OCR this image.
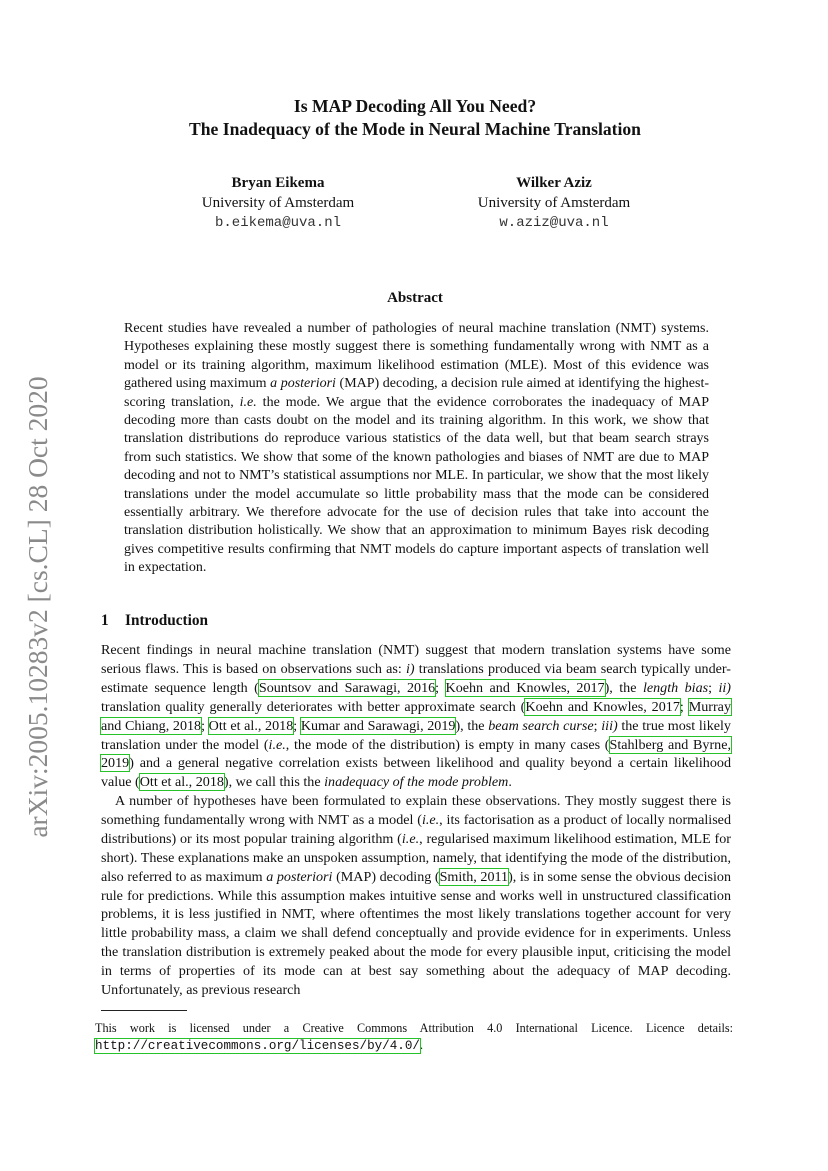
arXiv:2005.10283v2 [cs.CL] 28 Oct 2020
Is MAP Decoding All You Need?
The Inadequacy of the Mode in Neural Machine Translation
Bryan Eikema
University of Amsterdam
b.eikema@uva.nl
Wilker Aziz
University of Amsterdam
w.aziz@uva.nl
Abstract

Recent studies have revealed a number of pathologies of neural machine translation (NMT) systems. Hypotheses explaining these mostly suggest there is something fundamentally wrong with NMT as a model or its training algorithm, maximum likelihood estimation (MLE). Most of this evidence was gathered using maximum a posteriori (MAP) decoding, a decision rule aimed at identifying the highest-scoring translation, i.e. the mode. We argue that the evidence corroborates the inadequacy of MAP decoding more than casts doubt on the model and its training algorithm. In this work, we show that translation distributions do reproduce various statistics of the data well, but that beam search strays from such statistics. We show that some of the known pathologies and biases of NMT are due to MAP decoding and not to NMT’s statistical assumptions nor MLE. In particular, we show that the most likely translations under the model accumulate so little probability mass that the mode can be considered essentially arbitrary. We therefore advocate for the use of decision rules that take into account the translation distribution holistically. We show that an approximation to minimum Bayes risk decoding gives competitive results confirming that NMT models do capture important aspects of translation well in expectation.

1 Introduction

Recent findings in neural machine translation (NMT) suggest that modern translation systems have some serious flaws. This is based on observations such as: i) translations produced via beam search typically under-estimate sequence length (Sountsov and Sarawagi, 2016; Koehn and Knowles, 2017), the length bias; ii) translation quality generally deteriorates with better approximate search (Koehn and Knowles, 2017; Murray and Chiang, 2018; Ott et al., 2018; Kumar and Sarawagi, 2019), the beam search curse; iii) the true most likely translation under the model (i.e., the mode of the distribution) is empty in many cases (Stahlberg and Byrne, 2019) and a general negative correlation exists between likelihood and quality beyond a certain likelihood value (Ott et al., 2018), we call this the inadequacy of the mode problem.

A number of hypotheses have been formulated to explain these observations. They mostly suggest there is something fundamentally wrong with NMT as a model (i.e., its factorisation as a product of locally normalised distributions) or its most popular training algorithm (i.e., regularised maximum likelihood estimation, MLE for short). These explanations make an unspoken assumption, namely, that identifying the mode of the distribution, also referred to as maximum a posteriori (MAP) decoding (Smith, 2011), is in some sense the obvious decision rule for predictions. While this assumption makes intuitive sense and works well in unstructured classification problems, it is less justified in NMT, where oftentimes the most likely translations together account for very little probability mass, a claim we shall defend conceptually and provide evidence for in experiments. Unless the translation distribution is extremely peaked about the mode for every plausible input, criticising the model in terms of properties of its mode can at best say something about the adequacy of MAP decoding. Unfortunately, as previous research

This work is licensed under a Creative Commons Attribution 4.0 International Licence. Licence details: http://creativecommons.org/licenses/by/4.0/.
